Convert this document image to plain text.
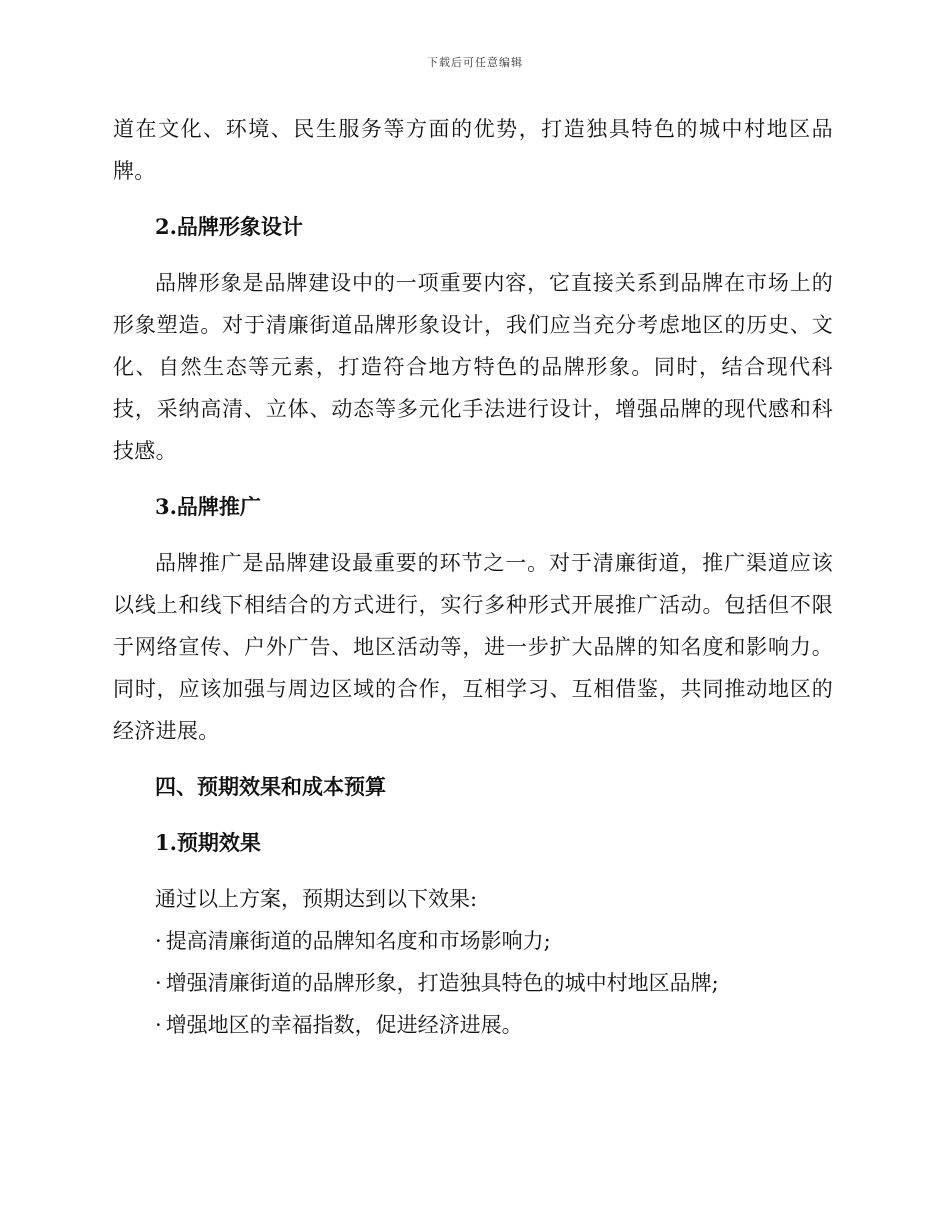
下载后可任意编辑

道在文化、环境、民生服务等方面的优势，打造独具特色的城中村地区品牌。

2.品牌形象设计

品牌形象是品牌建设中的一项重要内容，它直接关系到品牌在市场上的形象塑造。对于清廉街道品牌形象设计，我们应当充分考虑地区的历史、文化、自然生态等元素，打造符合地方特色的品牌形象。同时，结合现代科技，采纳高清、立体、动态等多元化手法进行设计，增强品牌的现代感和科技感。

3.品牌推广

品牌推广是品牌建设最重要的环节之一。对于清廉街道，推广渠道应该以线上和线下相结合的方式进行，实行多种形式开展推广活动。包括但不限于网络宣传、户外广告、地区活动等，进一步扩大品牌的知名度和影响力。同时，应该加强与周边区域的合作，互相学习、互相借鉴，共同推动地区的经济进展。

四、预期效果和成本预算

1.预期效果

通过以上方案，预期达到以下效果:

· 提高清廉街道的品牌知名度和市场影响力;

· 增强清廉街道的品牌形象，打造独具特色的城中村地区品牌;

· 增强地区的幸福指数，促进经济进展。
